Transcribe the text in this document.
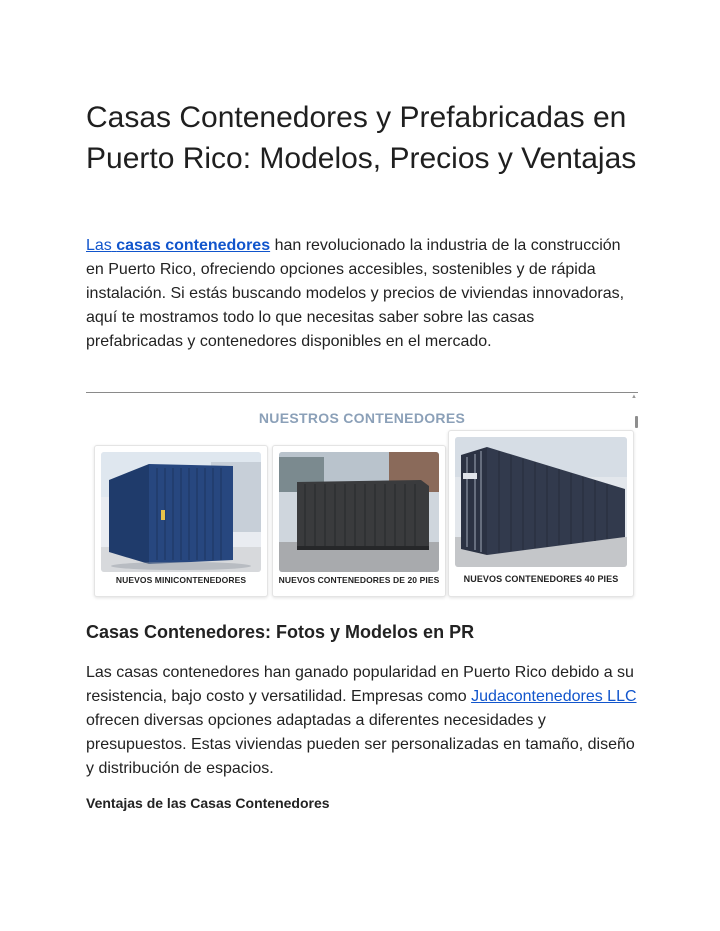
Casas Contenedores y Prefabricadas en Puerto Rico: Modelos, Precios y Ventajas

Las casas contenedores han revolucionado la industria de la construcción en Puerto Rico, ofreciendo opciones accesibles, sostenibles y de rápida instalación. Si estás buscando modelos y precios de viviendas innovadoras, aquí te mostramos todo lo que necesitas saber sobre las casas prefabricadas y contenedores disponibles en el mercado.

▲
NUESTROS CONTENEDORES
NUEVOS MINICONTENEDORES	NUEVOS CONTENEDORES DE 20 PIES	NUEVOS CONTENEDORES 40 PIES
Casas Contenedores: Fotos y Modelos en PR

Las casas contenedores han ganado popularidad en Puerto Rico debido a su resistencia, bajo costo y versatilidad. Empresas como Judacontenedores LLC ofrecen diversas opciones adaptadas a diferentes necesidades y presupuestos. Estas viviendas pueden ser personalizadas en tamaño, diseño y distribución de espacios.

Ventajas de las Casas Contenedores
